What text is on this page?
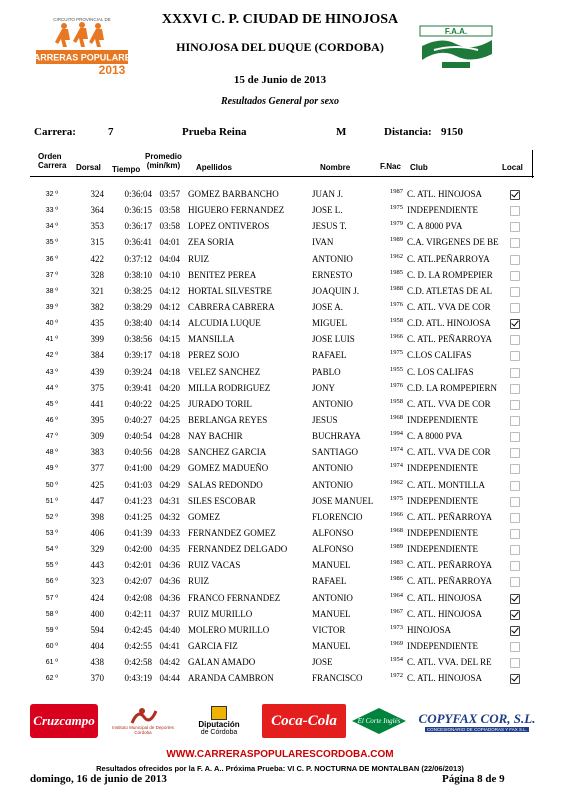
CIRCUITO PROVINCIAL DE
CARRERAS POPULARES
2013
F.A.A.
XXXVI C. P. CIUDAD DE HINOJOSA
HINOJOSA DEL DUQUE (CORDOBA)
15 de Junio de 2013
Resultados General por sexo
Carrera:	7	Prueba Reina	M	Distancia: 9150
Orden
Carrera Dorsal Tiempo
Promedio
(min/km) Apellidos	Nombre	F.Nac Club	Local
32 º	324	0:36:04 03:57 GOMEZ BARBANCHO	JUAN J.	1987 C. ATL. HINOJOSA
33 º	364	0:36:15 03:58 HIGUERO FERNANDEZ	JOSE L.	1975 INDEPENDIENTE
34 º	353	0:36:17 03:58 LOPEZ ONTIVEROS	JESUS T.	1979 C. A 8000 PVA
35 º	315	0:36:41 04:01 ZEA SORIA	IVAN	1989 C.A. VIRGENES DE BE
36 º	422	0:37:12 04:04 RUIZ	ANTONIO	1962 C. ATL.PEÑARROYA
37 º	328	0:38:10 04:10 BENITEZ PEREA	ERNESTO	1985 C. D. LA ROMPEPIER
38 º	321	0:38:25 04:12 HORTAL SILVESTRE	JOAQUIN J.	1988 C.D. ATLETAS DE AL
39 º	382	0:38:29 04:12 CABRERA CABRERA	JOSE A.	1976 C. ATL. VVA DE COR
40 º	435	0:38:40 04:14 ALCUDIA LUQUE	MIGUEL	1958 C.D. ATL. HINOJOSA
41 º	399	0:38:56 04:15 MANSILLA	JOSE LUIS	1966 C. ATL. PEÑARROYA
42 º	384	0:39:17 04:18 PEREZ SOJO	RAFAEL	1975 C.LOS CALIFAS
43 º	439	0:39:24 04:18 VELEZ SANCHEZ	PABLO	1955 C. LOS CALIFAS
44 º	375	0:39:41 04:20 MILLA RODRIGUEZ	JONY	1976 C.D. LA ROMPEPIERN
45 º	441	0:40:22 04:25 JURADO TORIL	ANTONIO	1958 C. ATL. VVA DE COR
46 º	395	0:40:27 04:25 BERLANGA REYES	JESUS	1968 INDEPENDIENTE
47 º	309	0:40:54 04:28 NAY BACHIR	BUCHRAYA	1994 C. A 8000 PVA
48 º	383	0:40:56 04:28 SANCHEZ GARCIA	SANTIAGO	1974 C. ATL. VVA DE COR
49 º	377	0:41:00 04:29 GOMEZ MADUEÑO	ANTONIO	1974 INDEPENDIENTE
50 º	425	0:41:03 04:29 SALAS REDONDO	ANTONIO	1962 C. ATL. MONTILLA
51 º	447	0:41:23 04:31 SILES ESCOBAR	JOSE MANUEL	1975 INDEPENDIENTE
52 º	398	0:41:25 04:32 GOMEZ	FLORENCIO	1966 C. ATL. PEÑARROYA
53 º	406	0:41:39 04:33 FERNANDEZ GOMEZ	ALFONSO	1968 INDEPENDIENTE
54 º	329	0:42:00 04:35 FERNANDEZ DELGADO	ALFONSO	1989 INDEPENDIENTE
55 º	443	0:42:01 04:36 RUIZ VACAS	MANUEL	1983 C. ATL. PEÑARROYA
56 º	323	0:42:07 04:36 RUIZ	RAFAEL	1986 C. ATL. PEÑARROYA
57 º	424	0:42:08 04:36 FRANCO FERNANDEZ	ANTONIO	1964 C. ATL. HINOJOSA
58 º	400	0:42:11 04:37 RUIZ MURILLO	MANUEL	1967 C. ATL. HINOJOSA
59 º	594	0:42:45 04:40 MOLERO MURILLO	VICTOR	1973 HINOJOSA
60 º	404	0:42:55 04:41 GARCIA FIZ	MANUEL	1969 INDEPENDIENTE
61 º	438	0:42:58 04:42 GALAN AMADO	JOSE	1954 C. ATL. VVA. DEL RE
62 º	370	0:43:19 04:44 ARANDA CAMBRON	FRANCISCO	1972 C. ATL. HINOJOSA
Cruzcampo	Instituto Municipal de Deportes Córdoba
Diputación
de Córdoba
Coca-Cola	El Corte Inglés COPYFAX COR, S.L.
CONCESIONARIO DE COPIADORAS Y FAX S.L.
WWW.CARRERASPOPULARESCORDOBA.COM
Resultados ofrecidos por la F. A. A.. Próxima Prueba: VI C. P. NOCTURNA DE MONTALBAN (22/06/2013)
domingo, 16 de junio de 2013	Página 8 de 9
